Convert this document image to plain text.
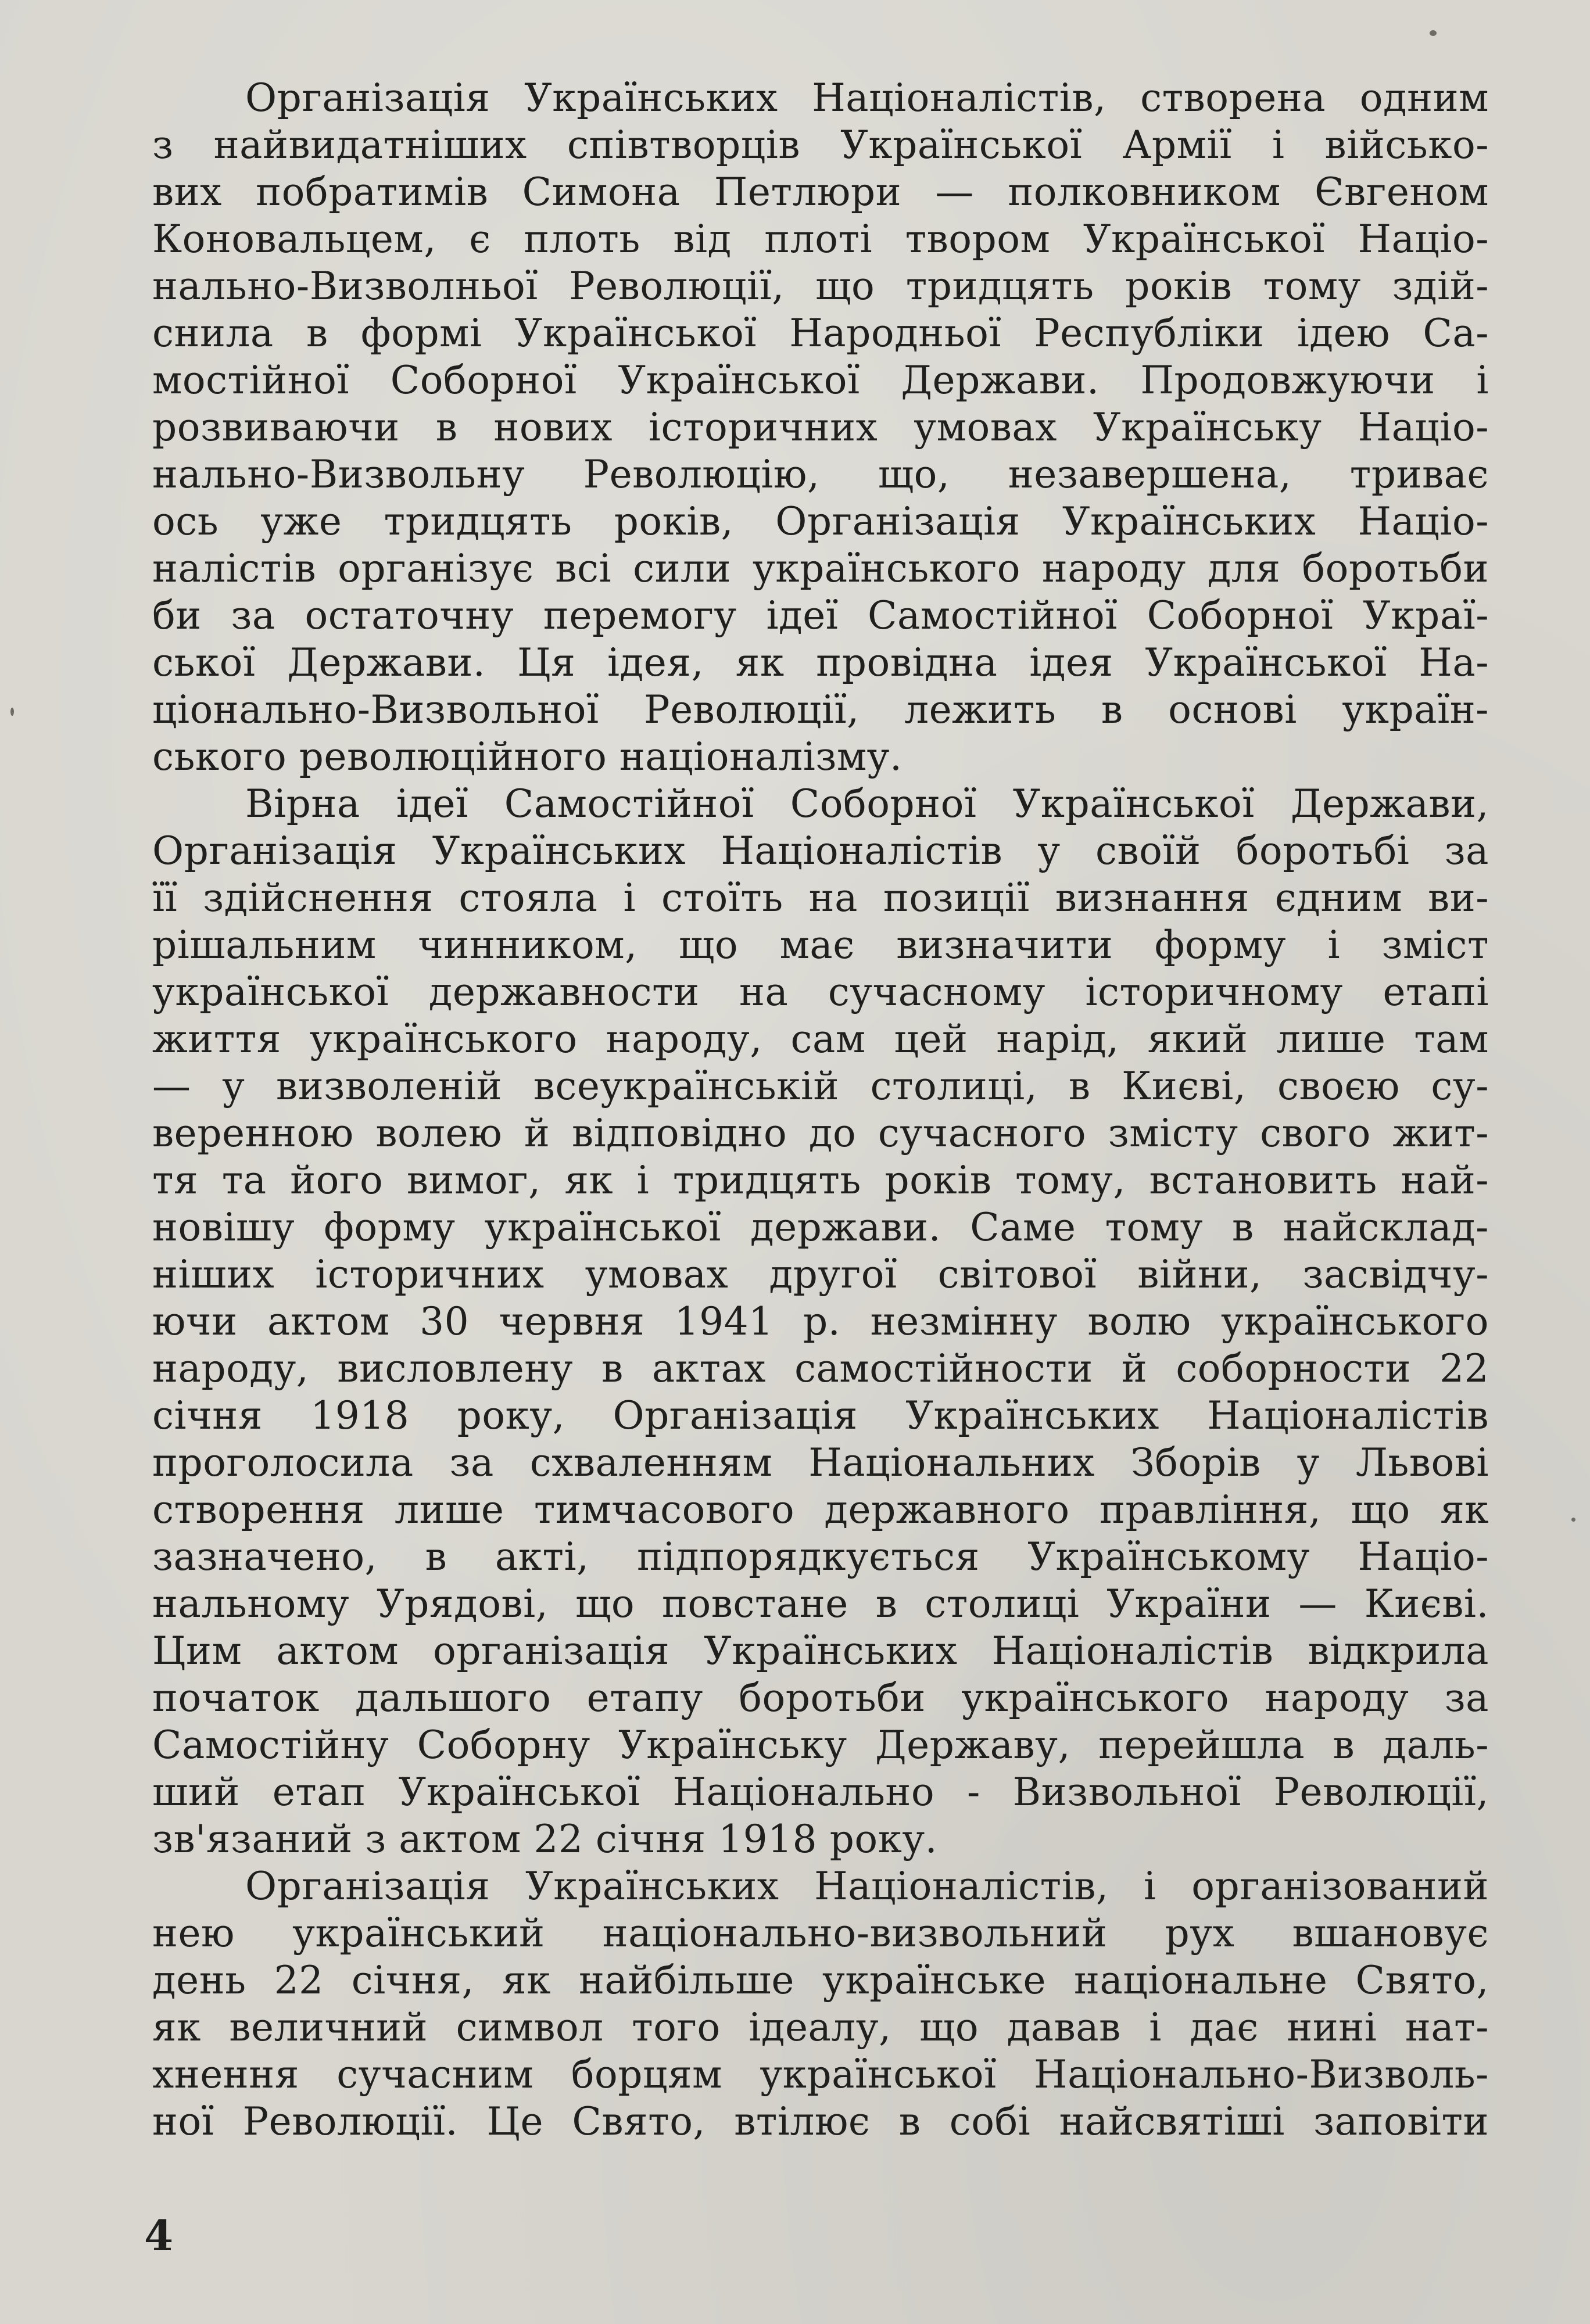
Організація Українських Націоналістів, створена одним
з найвидатніших співтворців Української Армії і військо-
вих побратимів Симона Петлюри — полковником Євгеном
Коновальцем, є плоть від плоті твором Української Націо-
нально-Визволньої Революції, що тридцять років тому здій-
снила в формі Української Народньої Республіки ідею Са-
мостійної Соборної Української Держави. Продовжуючи і
розвиваючи в нових історичних умовах Українську Націо-
нально-Визвольну Революцію, що, незавершена, триває
ось уже тридцять років, Організація Українських Націо-
налістів організує всі сили українського народу для боротьби
би за остаточну перемогу ідеї Самостійної Соборної Украї-
ської Держави. Ця ідея, як провідна ідея Української На-
ціонально-Визвольної Революції, лежить в основі україн-
ського революційного націоналізму.

Вірна ідеї Самостійної Соборної Української Держави,
Організація Українських Націоналістів у своїй боротьбі за
її здійснення стояла і стоїть на позиції визнання єдним ви-
рішальним чинником, що має визначити форму і зміст
української державности на сучасному історичному етапі
життя українського народу, сам цей нарід, який лише там
— у визволеній всеукраїнській столиці, в Києві, своєю су-
веренною волею й відповідно до сучасного змісту свого жит-
тя та його вимог, як і тридцять років тому, встановить най-
новішу форму української держави. Саме тому в найсклад-
ніших історичних умовах другої світової війни, засвідчу-
ючи актом 30 червня 1941 р. незмінну волю українського
народу, висловлену в актах самостійности й соборности 22
січня 1918 року, Організація Українських Націоналістів
проголосила за схваленням Національних Зборів у Львові
створення лише тимчасового державного правління, що як
зазначено, в акті, підпорядкується Українському Націо-
нальному Урядові, що повстане в столиці України — Києві.
Цим актом організація Українських Націоналістів відкрила
початок дальшого етапу боротьби українського народу за
Самостійну Соборну Українську Державу, перейшла в даль-
ший етап Української Національно - Визвольної Революції,
зв'язаний з актом 22 січня 1918 року.

Організація Українських Націоналістів, і організований
нею український національно-визвольний рух вшановує
день 22 січня, як найбільше українське національне Свято,
як величний символ того ідеалу, що давав і дає нині нат-
хнення сучасним борцям української Національно-Визволь-
ної Революції. Це Свято, втілює в собі найсвятіші заповіти

4
